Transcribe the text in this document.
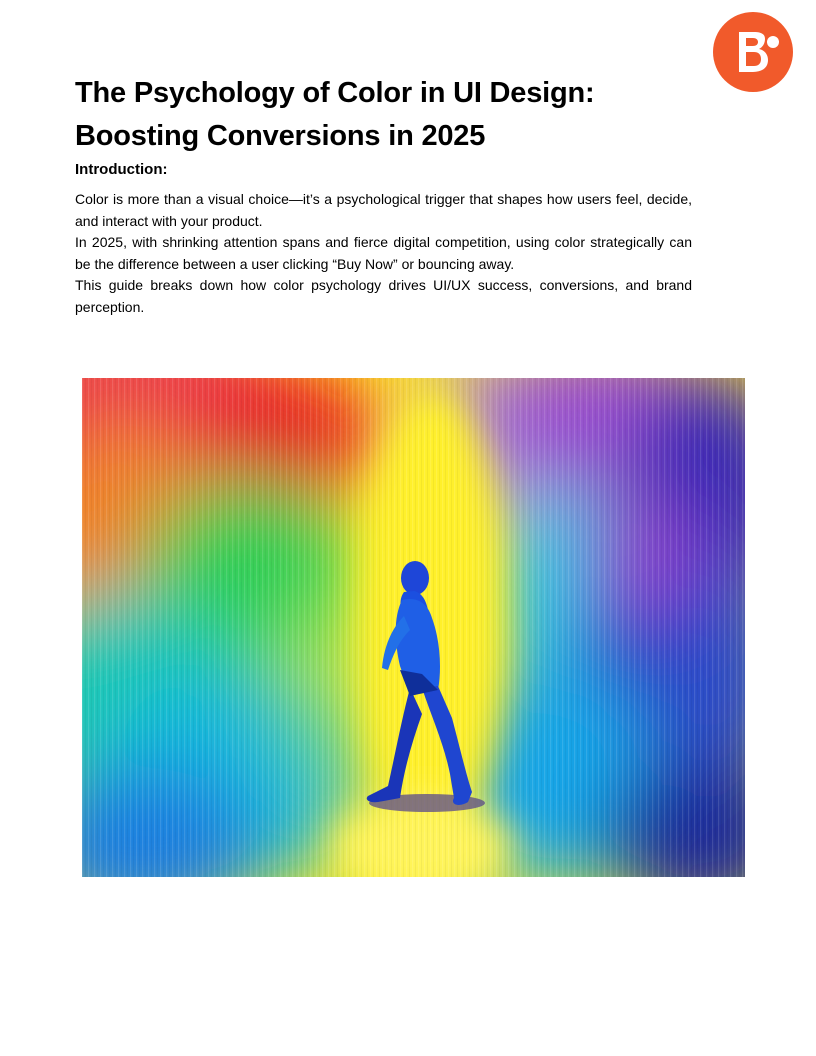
The Psychology of Color in UI Design: Boosting Conversions in 2025
Introduction:

Color is more than a visual choice—it’s a psychological trigger that shapes how users feel, decide, and interact with your product.

In 2025, with shrinking attention spans and fierce digital competition, using color strategically can be the difference between a user clicking “Buy Now” or bouncing away.

This guide breaks down how color psychology drives UI/UX success, conversions, and brand perception.
